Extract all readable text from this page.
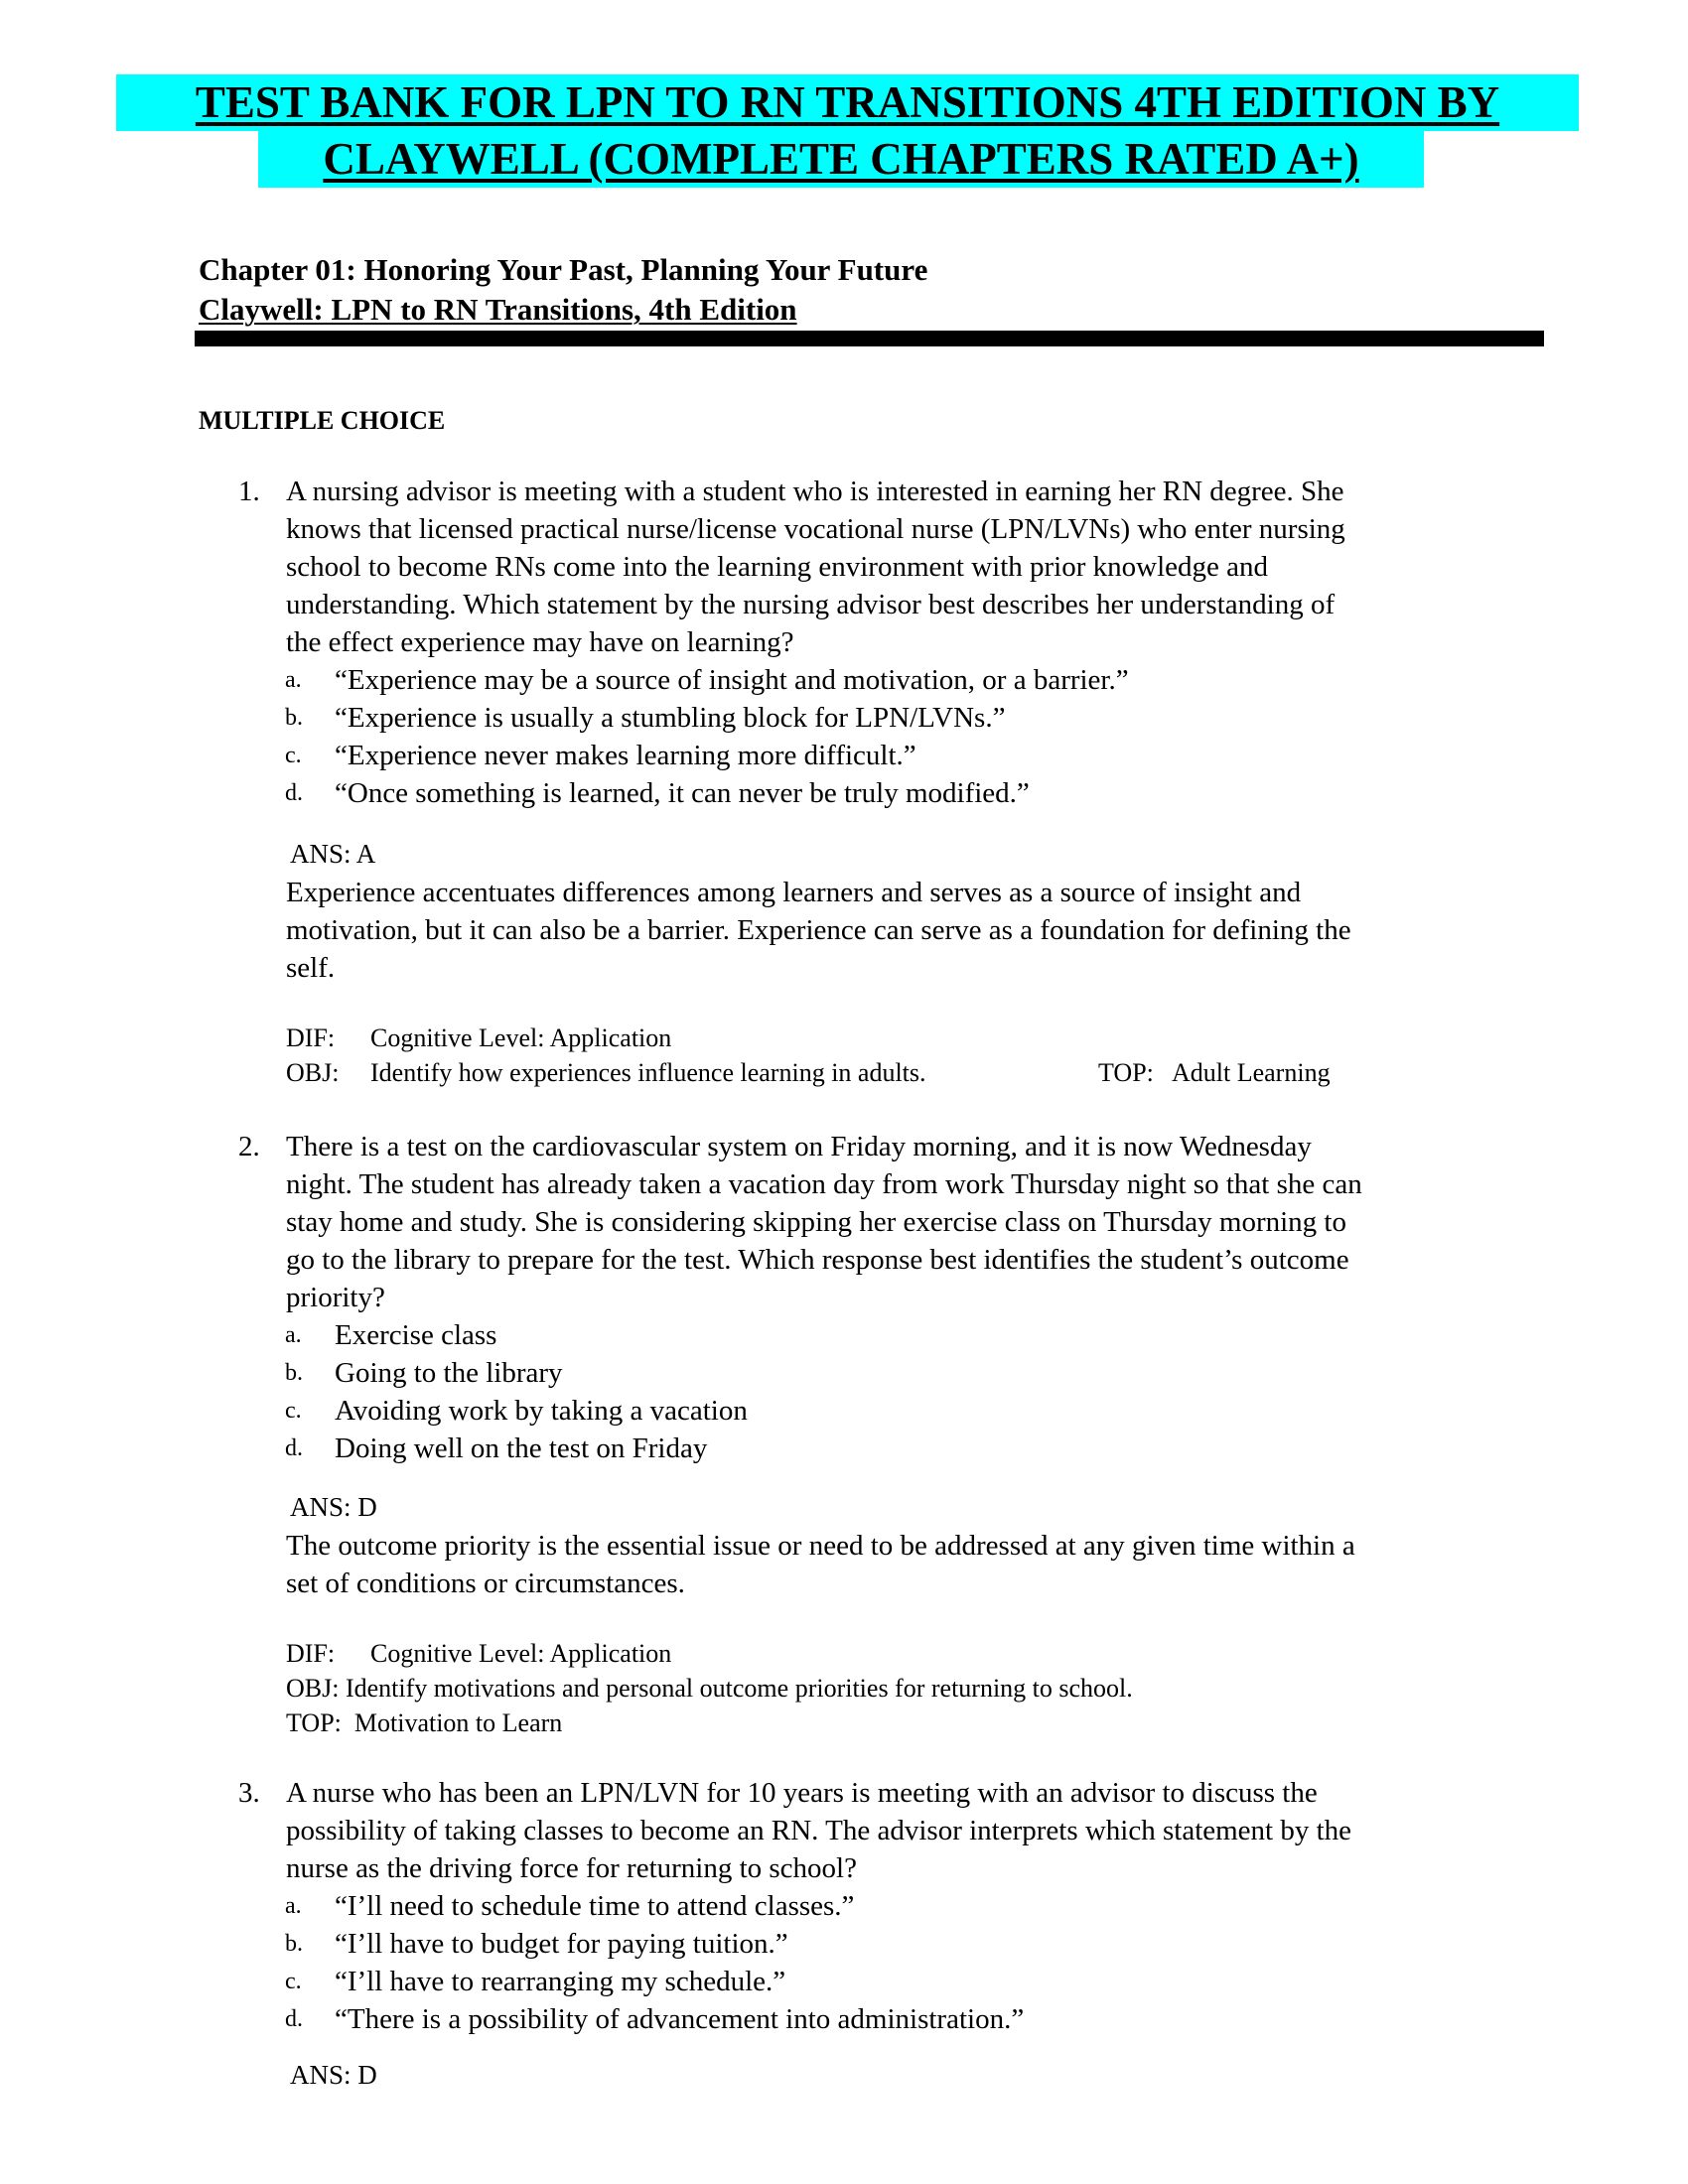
TEST BANK FOR LPN TO RN TRANSITIONS 4TH EDITION BY
CLAYWELL (COMPLETE CHAPTERS RATED A+)
Chapter 01: Honoring Your Past, Planning Your Future
Claywell: LPN to RN Transitions, 4th Edition
MULTIPLE CHOICE
1. A nursing advisor is meeting with a student who is interested in earning her RN degree. She
knows that licensed practical nurse/license vocational nurse (LPN/LVNs) who enter nursing
school to become RNs come into the learning environment with prior knowledge and
understanding. Which statement by the nursing advisor best describes her understanding of
the effect experience may have on learning?
a. “Experience may be a source of insight and motivation, or a barrier.”
b. “Experience is usually a stumbling block for LPN/LVNs.”
c. “Experience never makes learning more difficult.”
d. “Once something is learned, it can never be truly modified.”
ANS: A
Experience accentuates differences among learners and serves as a source of insight and
motivation, but it can also be a barrier. Experience can serve as a foundation for defining the
self.
DIF: Cognitive Level: Application
OBJ: Identify how experiences influence learning in adults.	TOP: Adult Learning
2. There is a test on the cardiovascular system on Friday morning, and it is now Wednesday
night. The student has already taken a vacation day from work Thursday night so that she can
stay home and study. She is considering skipping her exercise class on Thursday morning to
go to the library to prepare for the test. Which response best identifies the student’s outcome
priority?
a. Exercise class
b. Going to the library
c. Avoiding work by taking a vacation
d. Doing well on the test on Friday
ANS: D
The outcome priority is the essential issue or need to be addressed at any given time within a
set of conditions or circumstances.
DIF: Cognitive Level: Application
OBJ: Identify motivations and personal outcome priorities for returning to school.
TOP:  Motivation to Learn
3. A nurse who has been an LPN/LVN for 10 years is meeting with an advisor to discuss the
possibility of taking classes to become an RN. The advisor interprets which statement by the
nurse as the driving force for returning to school?
a. “I’ll need to schedule time to attend classes.”
b. “I’ll have to budget for paying tuition.”
c. “I’ll have to rearranging my schedule.”
d. “There is a possibility of advancement into administration.”
ANS: D
